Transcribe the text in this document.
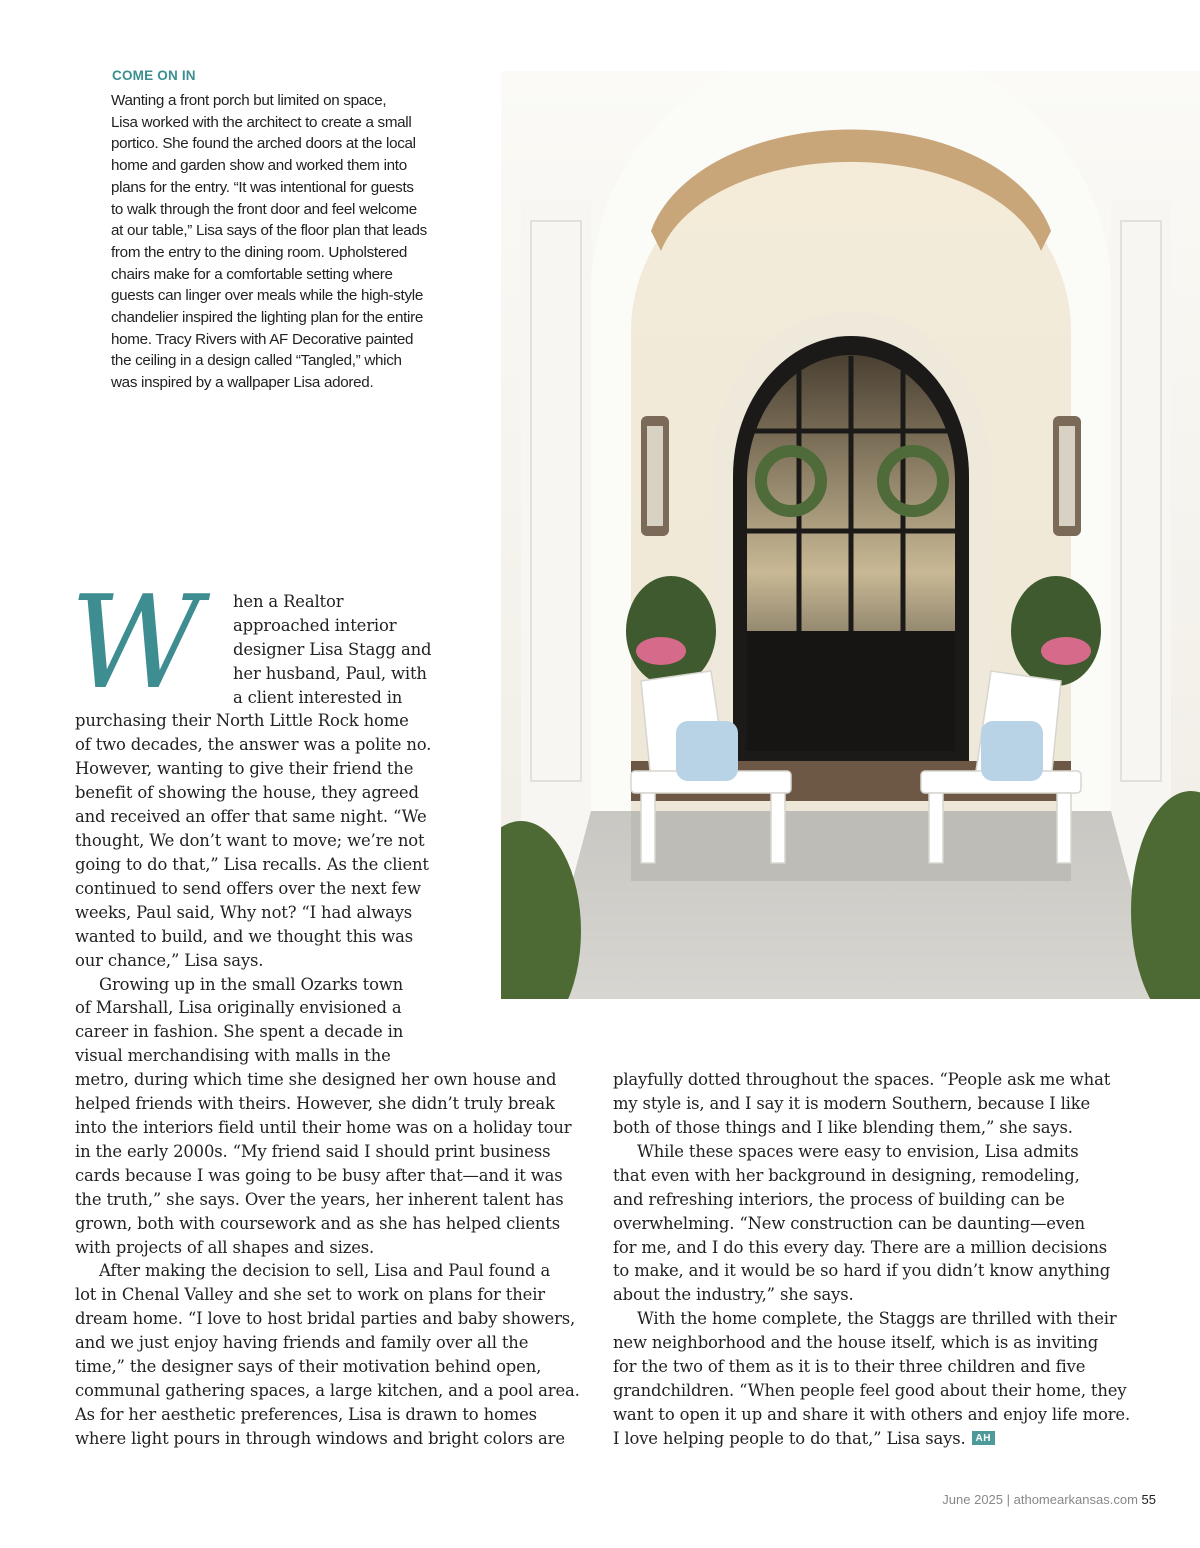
COME ON IN
Wanting a front porch but limited on space,
Lisa worked with the architect to create a small
portico. She found the arched doors at the local
home and garden show and worked them into
plans for the entry. “It was intentional for guests
to walk through the front door and feel welcome
at our table,” Lisa says of the floor plan that leads
from the entry to the dining room. Upholstered
chairs make for a comfortable setting where
guests can linger over meals while the high-style
chandelier inspired the lighting plan for the entire
home. Tracy Rivers with AF Decorative painted
the ceiling in a design called “Tangled,” which
was inspired by a wallpaper Lisa adored.
W hen a Realtor
approached interior
designer Lisa Stagg and
her husband, Paul, with
a client interested in
purchasing their North Little Rock home
of two decades, the answer was a polite no.
However, wanting to give their friend the
benefit of showing the house, they agreed
and received an offer that same night. “We
thought, We don’t want to move; we’re not
going to do that,” Lisa recalls. As the client
continued to send offers over the next few
weeks, Paul said, Why not? “I had always
wanted to build, and we thought this was
our chance,” Lisa says.
Growing up in the small Ozarks town
of Marshall, Lisa originally envisioned a
career in fashion. She spent a decade in
visual merchandising with malls in the
metro, during which time she designed her own house and
helped friends with theirs. However, she didn’t truly break
into the interiors field until their home was on a holiday tour
in the early 2000s. “My friend said I should print business
cards because I was going to be busy after that—and it was
the truth,” she says. Over the years, her inherent talent has
grown, both with coursework and as she has helped clients
with projects of all shapes and sizes.
After making the decision to sell, Lisa and Paul found a
lot in Chenal Valley and she set to work on plans for their
dream home. “I love to host bridal parties and baby showers,
and we just enjoy having friends and family over all the
time,” the designer says of their motivation behind open,
communal gathering spaces, a large kitchen, and a pool area.
As for her aesthetic preferences, Lisa is drawn to homes
where light pours in through windows and bright colors are
playfully dotted throughout the spaces. “People ask me what
my style is, and I say it is modern Southern, because I like
both of those things and I like blending them,” she says.
While these spaces were easy to envision, Lisa admits
that even with her background in designing, remodeling,
and refreshing interiors, the process of building can be
overwhelming. “New construction can be daunting—even
for me, and I do this every day. There are a million decisions
to make, and it would be so hard if you didn’t know anything
about the industry,” she says.
With the home complete, the Staggs are thrilled with their
new neighborhood and the house itself, which is as inviting
for the two of them as it is to their three children and five
grandchildren. “When people feel good about their home, they
want to open it up and share it with others and enjoy life more.
I love helping people to do that,” Lisa says. AH
June 2025 | athomearkansas.com 55
